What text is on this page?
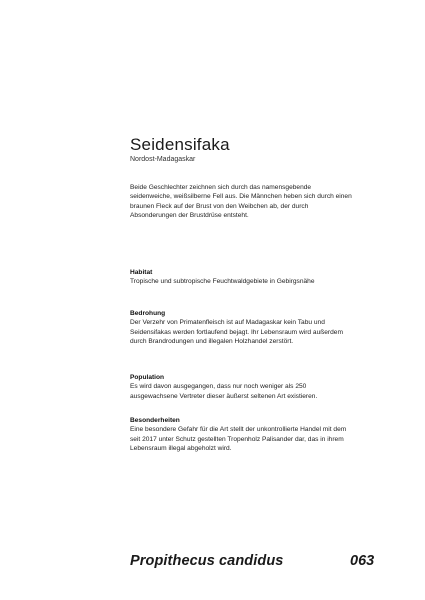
Seidensifaka
Nordost-Madagaskar

Beide Geschlechter zeichnen sich durch das namensgebende seidenweiche, weißsilberne Fell aus. Die Männchen heben sich durch einen braunen Fleck auf der Brust von den Weibchen ab, der durch Absonderungen der Brustdrüse entsteht.

Habitat
Tropische und subtropische Feuchtwaldgebiete in Gebirgsnähe
Bedrohung
Der Verzehr von Primatenfleisch ist auf Madagaskar kein Tabu und Seidensifakas werden fortlaufend bejagt. Ihr Lebensraum wird außerdem durch Brandrodungen und illegalen Holzhandel zerstört.
Population
Es wird davon ausgegangen, dass nur noch weniger als 250 ausgewachsene Vertreter dieser äußerst seltenen Art existieren.
Besonderheiten
Eine besondere Gefahr für die Art stellt der unkontrollierte Handel mit dem seit 2017 unter Schutz gestellten Tropenholz Palisander dar, das in ihrem Lebensraum illegal abgeholzt wird.
Propithecus candidus	063
